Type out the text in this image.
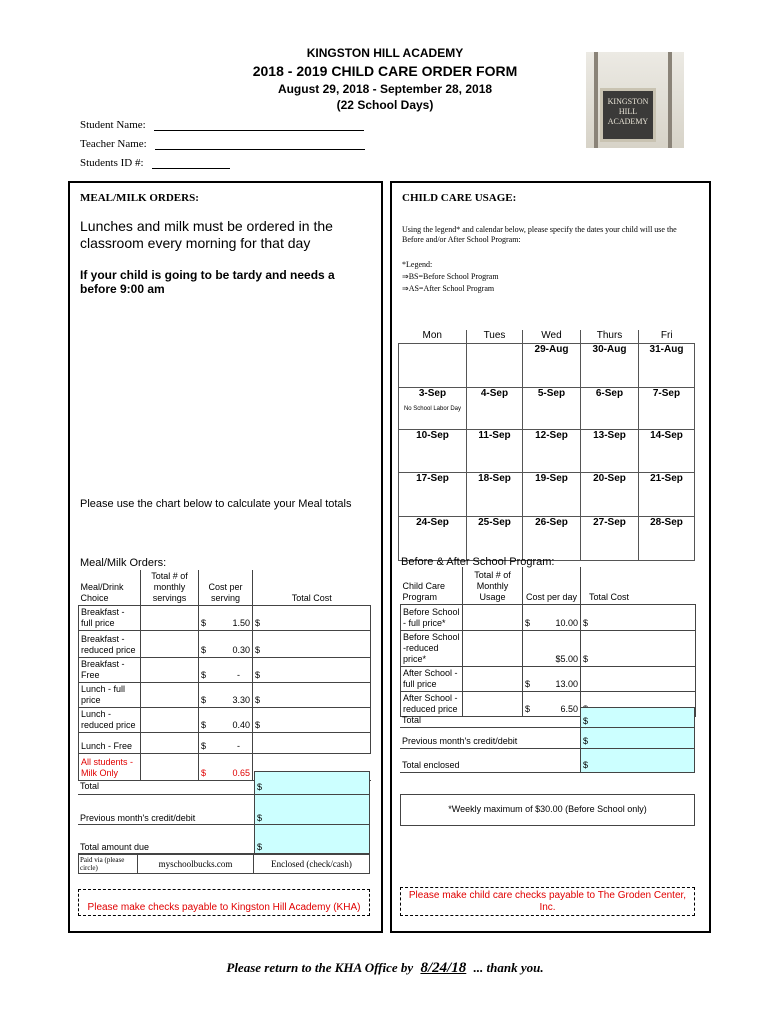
KINGSTON HILL ACADEMY
2018 - 2019 CHILD CARE ORDER FORM
August 29, 2018 - September 28, 2018
(22 School Days)	KINGSTON
HILL
ACADEMY
Student Name:
Teacher Name:
Students ID #:
MEAL/MILK ORDERS:
Lunches and milk must be ordered in the classroom every morning for that day
If your child is going to be tardy and needs a before 9:00 am
Please use the chart below to calculate your Meal totals
Meal/Milk Orders:
Meal/Drink Choice	Total # of monthly servings	Cost per serving	Total Cost
Breakfast - full price		$ 1.50	$
Breakfast - reduced price		$ 0.30	$
Breakfast - Free		$ -	$
Lunch - full price		$ 3.30	$
Lunch - reduced price		$ 0.40	$
Lunch - Free		$ -	

All students - Milk Only		$ 0.65	

Total	$
Previous month's credit/debit	$
Total amount due	$
Paid via (please circle)	myschoolbucks.com	Enclosed (check/cash)
Please make checks payable to Kingston Hill Academy (KHA)
CHILD CARE USAGE:
Using the legend* and calendar below, please specify the dates your child will use the Before and/or After School Program:
*Legend:
⇒BS=Before School Program
⇒AS=After School Program
Mon	Tues	Wed	Thurs	Fri

		29-Aug	30-Aug	31-Aug

3-Sep
No School Labor Day	4-Sep	5-Sep	6-Sep	7-Sep

10-Sep	11-Sep	12-Sep	13-Sep	14-Sep

17-Sep	18-Sep	19-Sep	20-Sep	21-Sep

24-Sep	25-Sep	26-Sep	27-Sep	28-Sep
Before & After School Program:
Child Care Program	Total # of Monthly Usage	Cost per day	Total Cost
Before School - full price*		$ 10.00	$
Before School -reduced price*		$5.00	$
After School - full price		$ 13.00	

After School - reduced price		$ 6.50

Total	$
Previous month's credit/debit	$
Total enclosed	$
*Weekly maximum of $30.00 (Before School only)
Please make child care checks payable to The Groden Center, Inc.
Please return to the KHA Office by 8/24/18 ... thank you.
